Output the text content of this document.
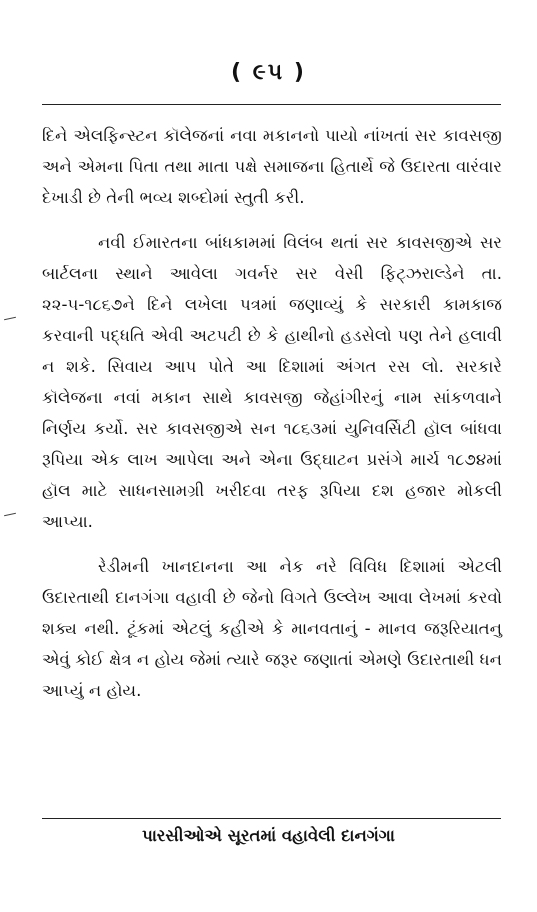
( ૯૫ )

દિને એલફિન્સ્ટન કૉલેજનાં નવા મકાનનો પાયો નાંખતાં સર કાવસજી અને એમના પિતા તથા માતા પક્ષે સમાજના હિતાર્થે જે ઉદારતા વારંવાર દેખાડી છે તેની ભવ્ય શબ્દોમાં સ્તુતી કરી.

નવી ઈમારતના બાંધકામમાં વિલંબ થતાં સર કાવસજીએ સર બાર્ટલના સ્થાને આવેલા ગવર્નર સર વેસી ફિટ્ઝરાલ્ડેને તા. ૨૨-૫-૧૮૬૭ને દિને લખેલા પત્રમાં જણાવ્યું કે સરકારી કામકાજ કરવાની પદ્ધતિ એવી અટપટી છે કે હાથીનો હડસેલો પણ તેને હલાવી ન શકે. સિવાય આપ પોતે આ દિશામાં અંગત રસ લો. સરકારે કૉલેજના નવાં મકાન સાથે કાવસજી જેહાંગીરનું નામ સાંકળવાને નિર્ણય કર્યો. સર કાવસજીએ સન ૧૮૬૩માં યુનિવર્સિટી હૉલ બાંધવા રૂપિયા એક લાખ આપેલા અને એના ઉદ્‌ઘાટન પ્રસંગે માર્ચ ૧૮૭૪માં હૉલ માટે સાધનસામગ્રી ખરીદવા તરફ રૂપિયા દશ હજાર મોકલી આપ્યા.

રેડીમની ખાનદાનના આ નેક નરે વિવિધ દિશામાં એટલી ઉદારતાથી દાનગંગા વહાવી છે જેનો વિગતે ઉલ્લેખ આવા લેખમાં કરવો શક્ય નથી. ટૂંકમાં એટલું કહીએ કે માનવતાનું - માનવ જરૂરિયાતનુ એવું કોઈ ક્ષેત્ર ન હોય જેમાં ત્યારે જરૂર જણાતાં એમણે ઉદારતાથી ધન આપ્યું ન હોય.

પારસીઓએ સૂરતમાં વહાવેલી દાનગંગા
